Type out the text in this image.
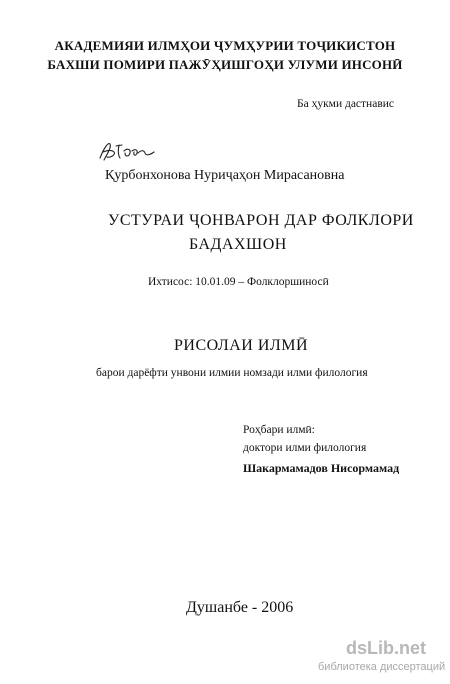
АКАДЕМИЯИ ИЛМҲОИ ҶУМҲУРИИ ТОҶИКИСТОН
БАХШИ ПОМИРИ ПАЖӮҲИШГОҲИ УЛУМИ ИНСОНӢ
Ба ҳукми дастнавис
Қурбонхонова Нуриҷаҳон Мирасановна
УСТУРАИ ҶОНВАРОН ДАР ФОЛКЛОРИ
БАДАХШОН
Ихтисос: 10.01.09 – Фолклоршиносӣ
РИСОЛАИ ИЛМӢ
барои дарёфти унвони илмии номзади илми филология
Роҳбари илмӣ:
доктори илми филология
Шакармамадов Нисормамад
Душанбе - 2006
dsLib.net
библиотека диссертаций
